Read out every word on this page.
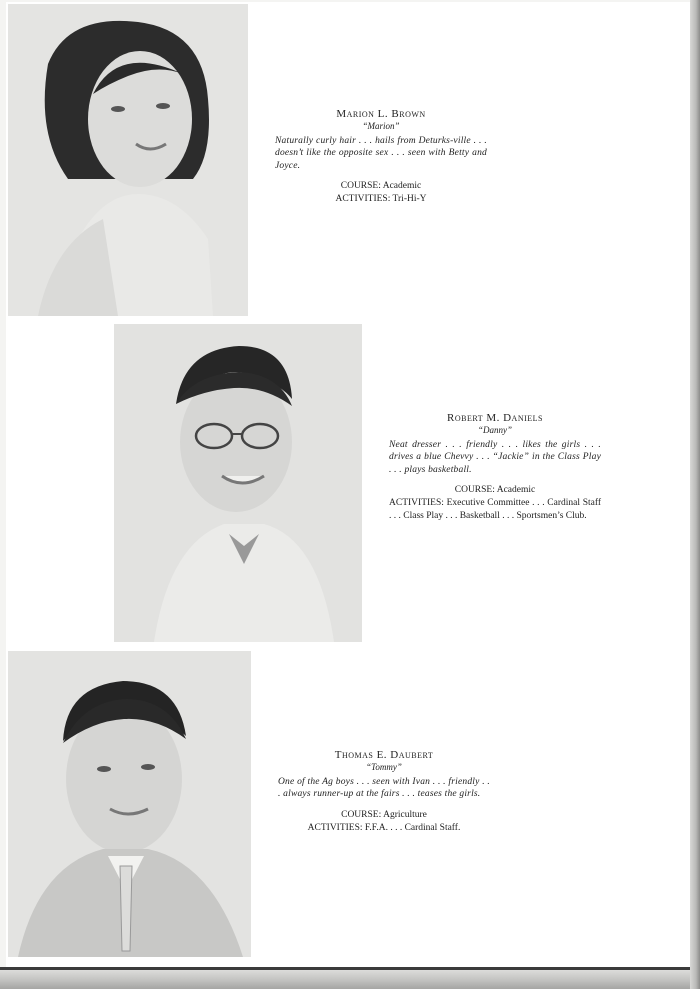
Marion L. Brown
“Marion”
Naturally curly hair . . . hails from Deturks-ville . . . doesn’t like the opposite sex . . . seen with Betty and Joyce.
COURSE: Academic
ACTIVITIES: Tri-Hi-Y
Robert M. Daniels
“Danny”
Neat dresser . . . friendly . . . likes the girls . . . drives a blue Chevvy . . . “Jackie” in the Class Play . . . plays basketball.
COURSE: Academic
ACTIVITIES: Executive Committee . . . Cardinal Staff . . . Class Play . . . Basketball . . . Sportsmen’s Club.
Thomas E. Daubert
“Tommy”
One of the Ag boys . . . seen with Ivan . . . friendly . . . always runner-up at the fairs . . . teases the girls.
COURSE: Agriculture
ACTIVITIES: F.F.A. . . . Cardinal Staff.
